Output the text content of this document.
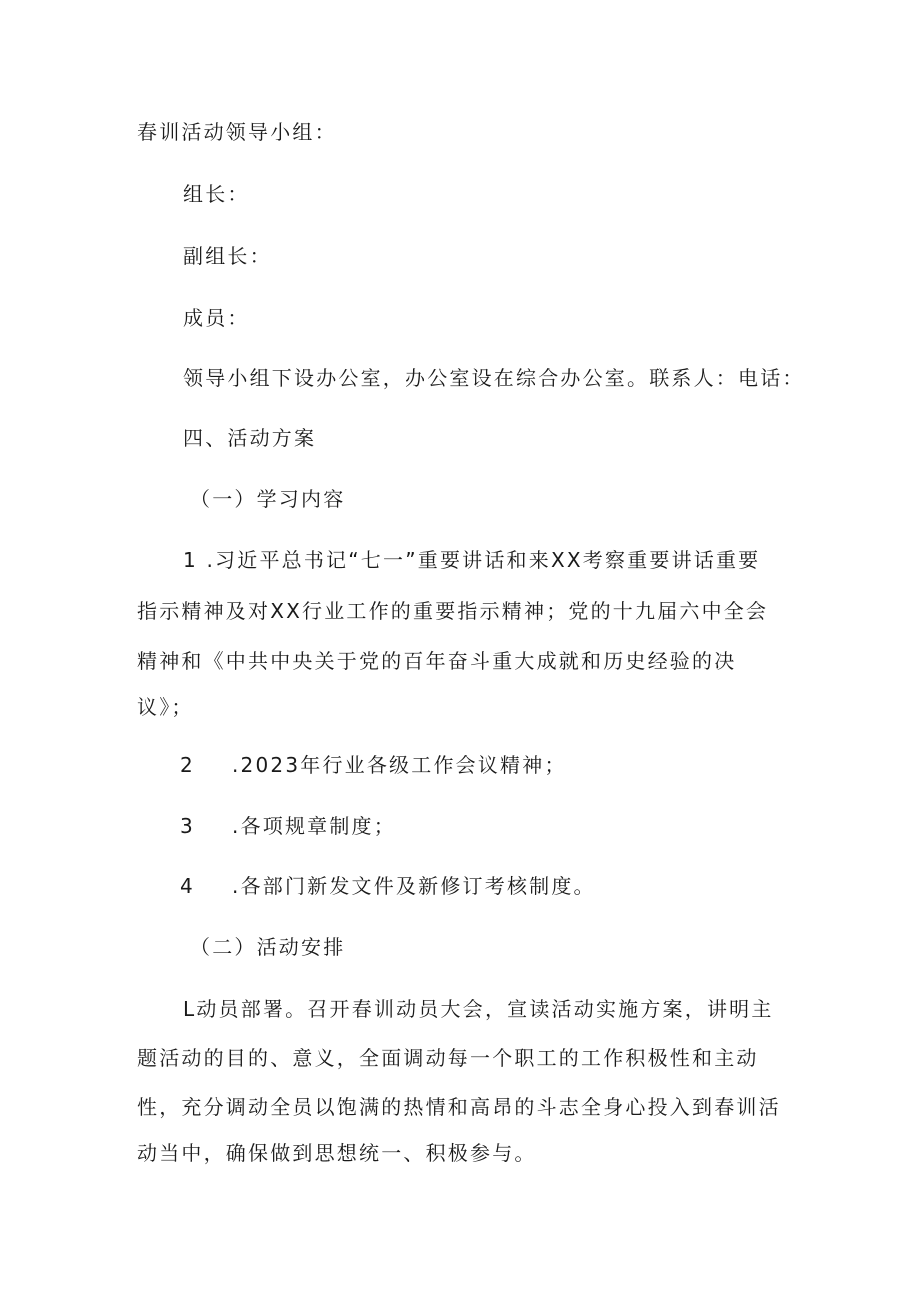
春训活动领导小组：
组长：
副组长：
成员：
领导小组下设办公室，办公室设在综合办公室。联系人：电话：
四、活动方案
（一）学习内容
1 .习近平总书记“七一”重要讲话和来XX考察重要讲话重要
指示精神及对XX行业工作的重要指示精神；党的十九届六中全会
精神和《中共中央关于党的百年奋斗重大成就和历史经验的决
议》；
2 .2023年行业各级工作会议精神；
3 .各项规章制度；
4 .各部门新发文件及新修订考核制度。
（二）活动安排
L动员部署。召开春训动员大会，宣读活动实施方案，讲明主
题活动的目的、意义，全面调动每一个职工的工作积极性和主动
性，充分调动全员以饱满的热情和高昂的斗志全身心投入到春训活
动当中，确保做到思想统一、积极参与。
